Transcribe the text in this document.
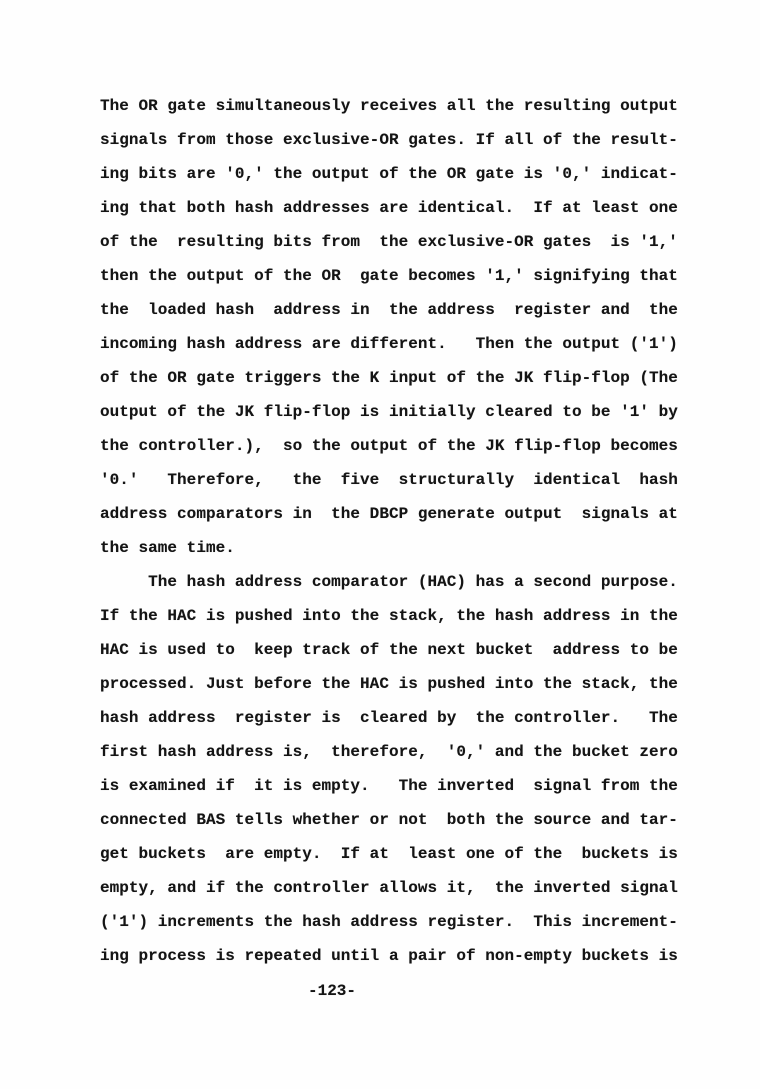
The OR gate simultaneously receives all the resulting output
signals from those exclusive-OR gates. If all of the result-
ing bits are '0,' the output of the OR gate is '0,' indicat-
ing that both hash addresses are identical.  If at least one
of the  resulting bits from  the exclusive-OR gates  is '1,'
then the output of the OR  gate becomes '1,' signifying that
the  loaded hash  address in  the address  register and  the
incoming hash address are different.   Then the output ('1')
of the OR gate triggers the K input of the JK flip-flop (The
output of the JK flip-flop is initially cleared to be '1' by
the controller.),  so the output of the JK flip-flop becomes
'0.'   Therefore,   the  five  structurally  identical  hash
address comparators in  the DBCP generate output  signals at
the same time.
The hash address comparator (HAC) has a second purpose.
If the HAC is pushed into the stack, the hash address in the
HAC is used to  keep track of the next bucket  address to be
processed. Just before the HAC is pushed into the stack, the
hash address  register is  cleared by  the controller.   The
first hash address is,  therefore,  '0,' and the bucket zero
is examined if  it is empty.   The inverted  signal from the
connected BAS tells whether or not  both the source and tar-
get buckets  are empty.  If at  least one of the  buckets is
empty, and if the controller allows it,  the inverted signal
('1') increments the hash address register.  This increment-
ing process is repeated until a pair of non-empty buckets is
-123-
